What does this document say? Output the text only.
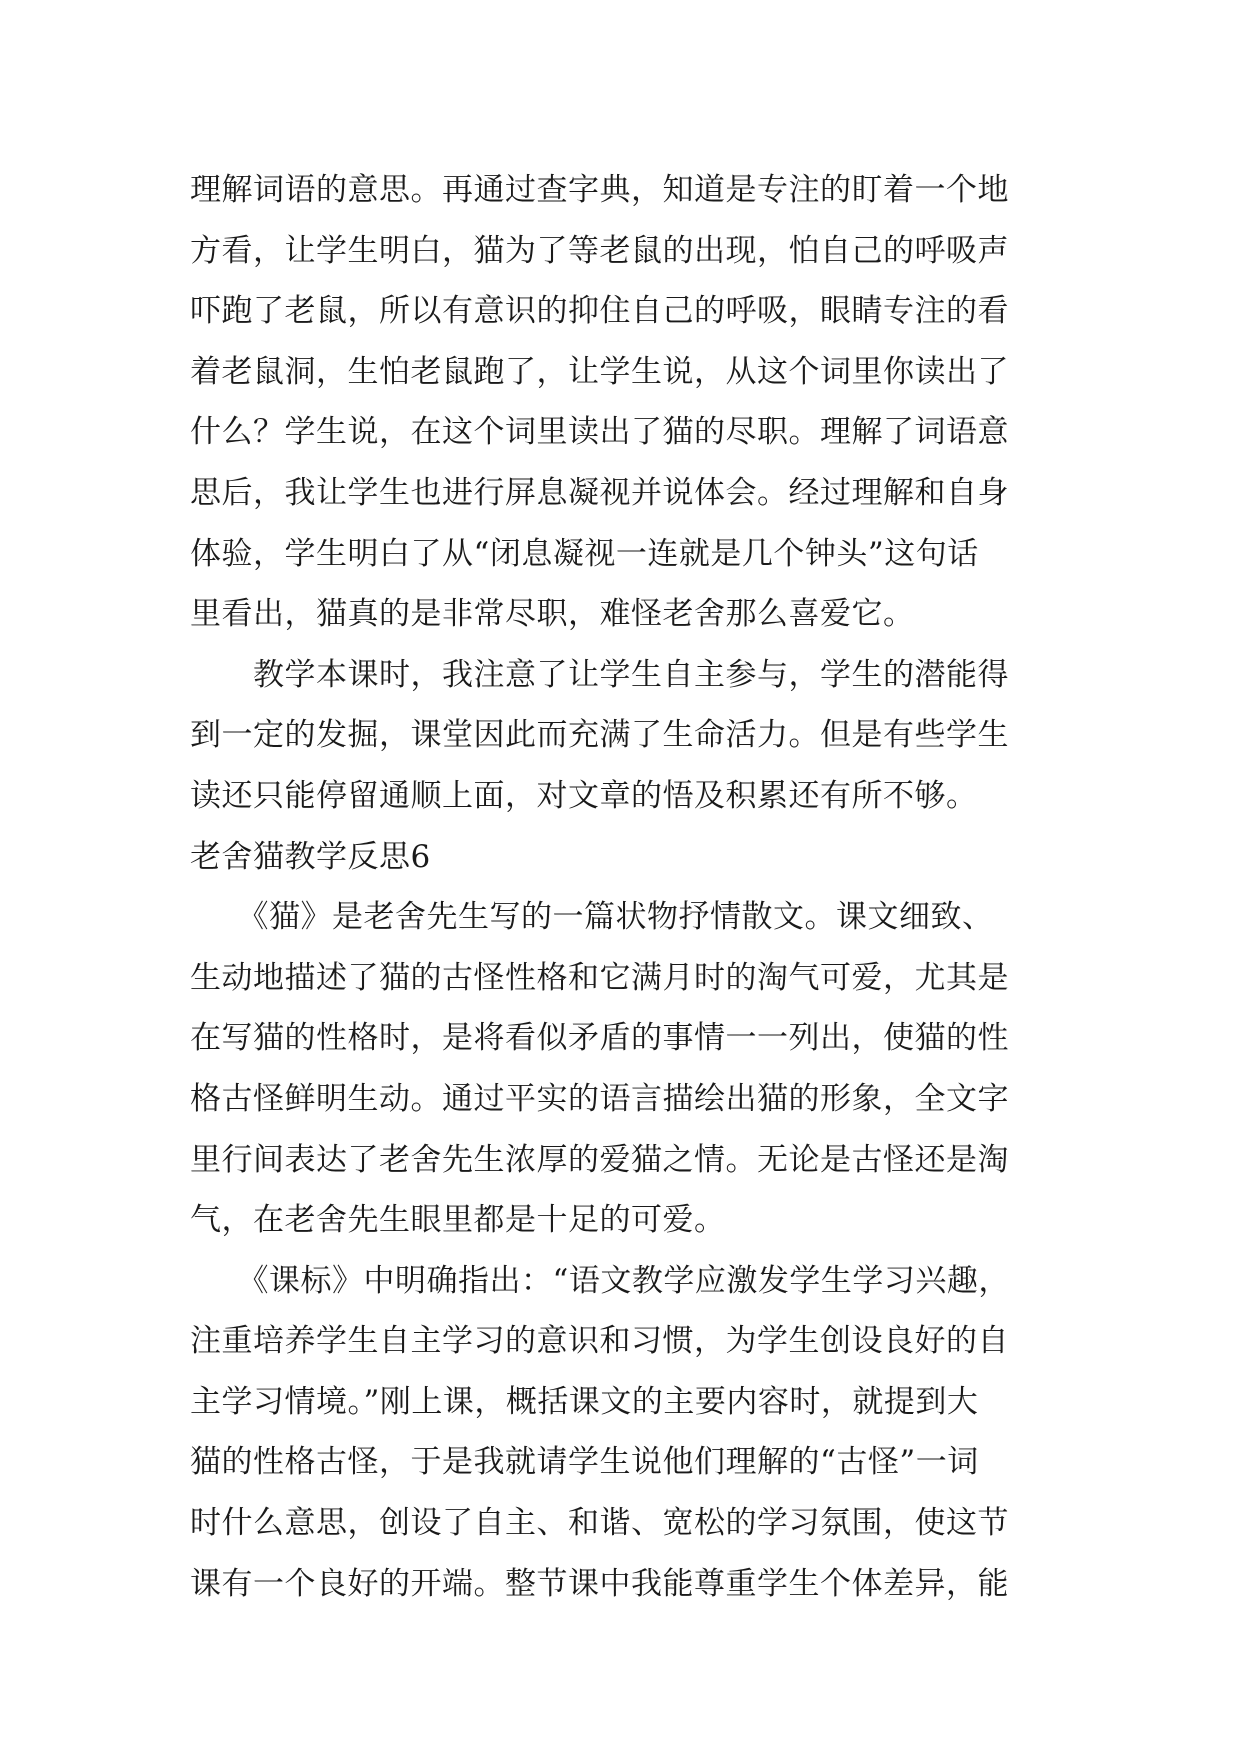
理解词语的意思。再通过查字典，知道是专注的盯着一个地
方看，让学生明白，猫为了等老鼠的出现，怕自己的呼吸声
吓跑了老鼠，所以有意识的抑住自己的呼吸，眼睛专注的看
着老鼠洞，生怕老鼠跑了，让学生说，从这个词里你读出了
什么？学生说，在这个词里读出了猫的尽职。理解了词语意
思后，我让学生也进行屏息凝视并说体会。经过理解和自身
体验，学生明白了从“闭息凝视一连就是几个钟头”这句话
里看出，猫真的是非常尽职，难怪老舍那么喜爱它。
　　教学本课时，我注意了让学生自主参与，学生的潜能得
到一定的发掘，课堂因此而充满了生命活力。但是有些学生
读还只能停留通顺上面，对文章的悟及积累还有所不够。
老舍猫教学反思6
　　《猫》是老舍先生写的一篇状物抒情散文。课文细致、
生动地描述了猫的古怪性格和它满月时的淘气可爱，尤其是
在写猫的性格时，是将看似矛盾的事情一一列出，使猫的性
格古怪鲜明生动。通过平实的语言描绘出猫的形象，全文字
里行间表达了老舍先生浓厚的爱猫之情。无论是古怪还是淘
气，在老舍先生眼里都是十足的可爱。
　　《课标》中明确指出：“语文教学应激发学生学习兴趣，
注重培养学生自主学习的意识和习惯，为学生创设良好的自
主学习情境。”刚上课，概括课文的主要内容时，就提到大
猫的性格古怪，于是我就请学生说他们理解的“古怪”一词
时什么意思，创设了自主、和谐、宽松的学习氛围，使这节
课有一个良好的开端。整节课中我能尊重学生个体差异，能
